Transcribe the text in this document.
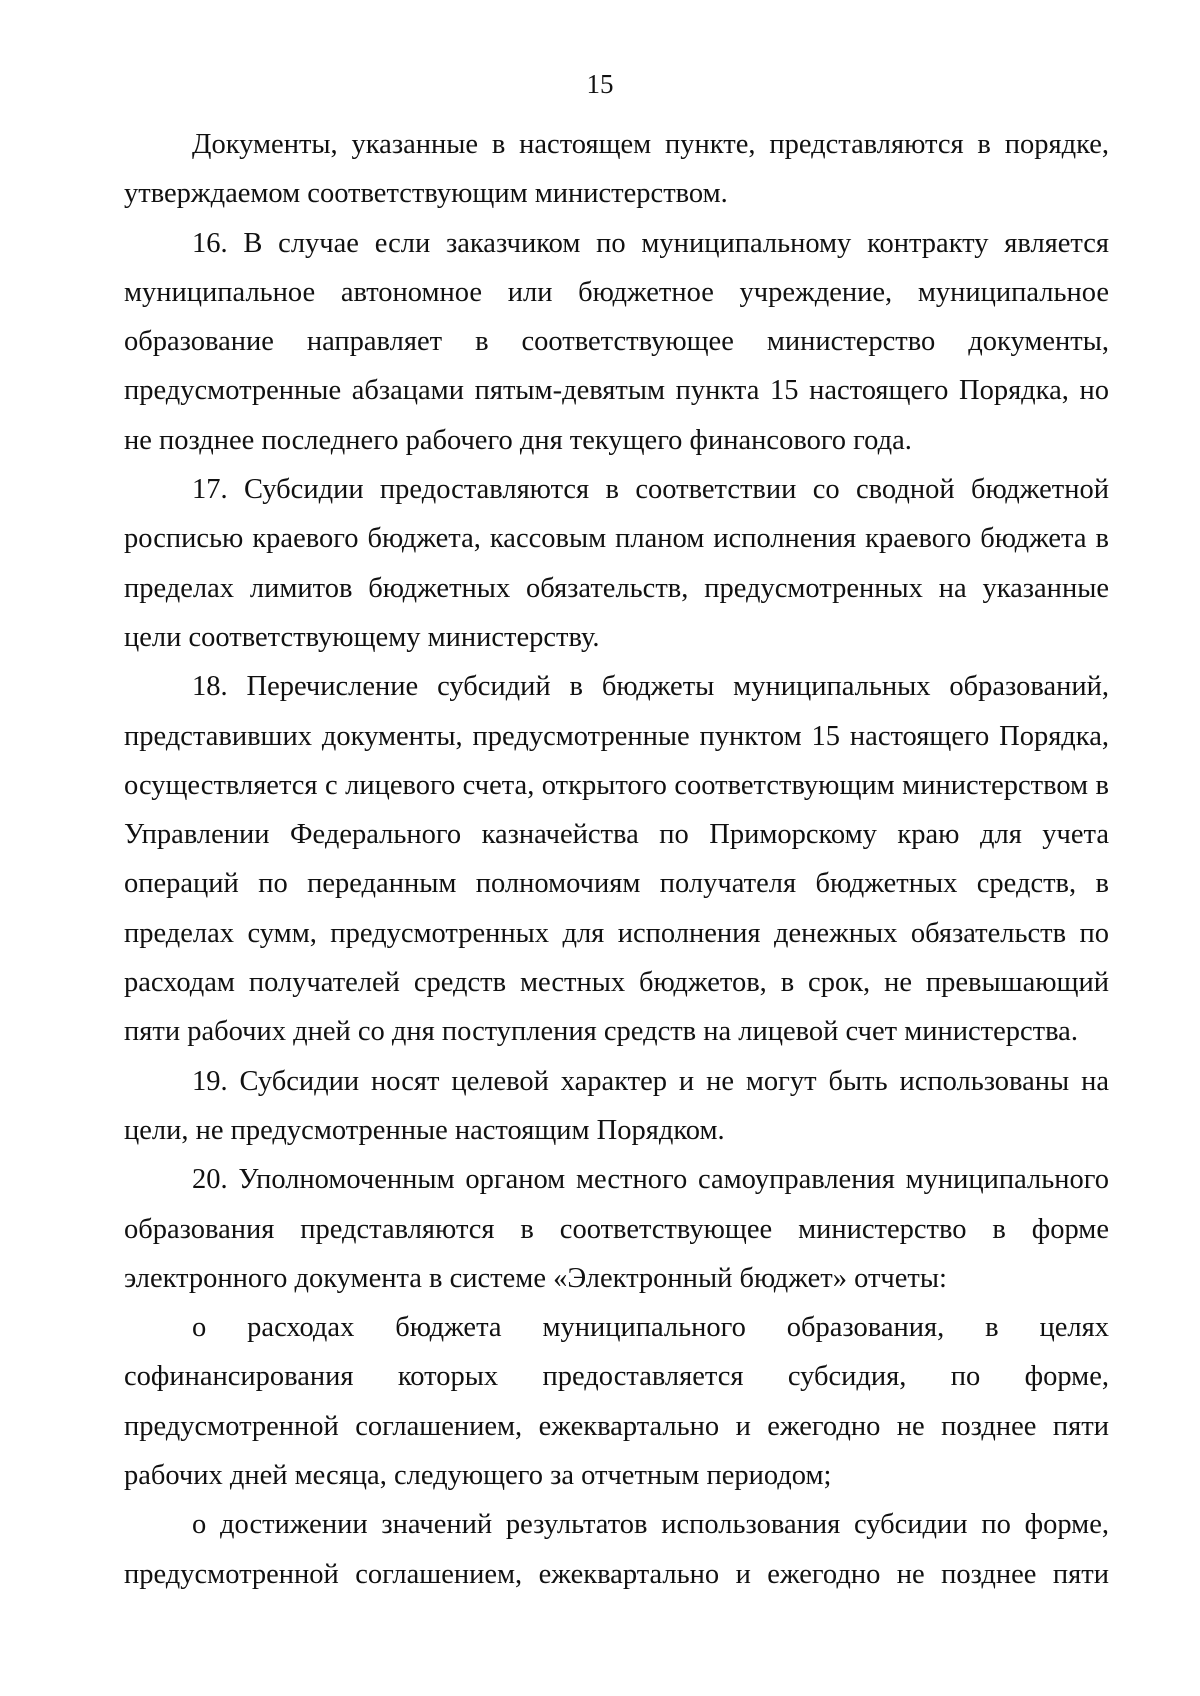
15

Документы, указанные в настоящем пункте, представляются в порядке, утверждаемом соответствующим министерством.

16. В случае если заказчиком по муниципальному контракту является муниципальное автономное или бюджетное учреждение, муниципальное образование направляет в соответствующее министерство документы, предусмотренные абзацами пятым-девятым пункта 15 настоящего Порядка, но не позднее последнего рабочего дня текущего финансового года.

17. Субсидии предоставляются в соответствии со сводной бюджетной росписью краевого бюджета, кассовым планом исполнения краевого бюджета в пределах лимитов бюджетных обязательств, предусмотренных на указанные цели соответствующему министерству.

18. Перечисление субсидий в бюджеты муниципальных образований, представивших документы, предусмотренные пунктом 15 настоящего Порядка, осуществляется с лицевого счета, открытого соответствующим министерством в Управлении Федерального казначейства по Приморскому краю для учета операций по переданным полномочиям получателя бюджетных средств, в пределах сумм, предусмотренных для исполнения денежных обязательств по расходам получателей средств местных бюджетов, в срок, не превышающий пяти рабочих дней со дня поступления средств на лицевой счет министерства.

19. Субсидии носят целевой характер и не могут быть использованы на цели, не предусмотренные настоящим Порядком.

20. Уполномоченным органом местного самоуправления муниципального образования представляются в соответствующее министерство в форме электронного документа в системе «Электронный бюджет» отчеты:

о расходах бюджета муниципального образования, в целях софинансирования которых предоставляется субсидия, по форме, предусмотренной соглашением, ежеквартально и ежегодно не позднее пяти рабочих дней месяца, следующего за отчетным периодом;

о достижении значений результатов использования субсидии по форме, предусмотренной соглашением, ежеквартально и ежегодно не позднее пяти
